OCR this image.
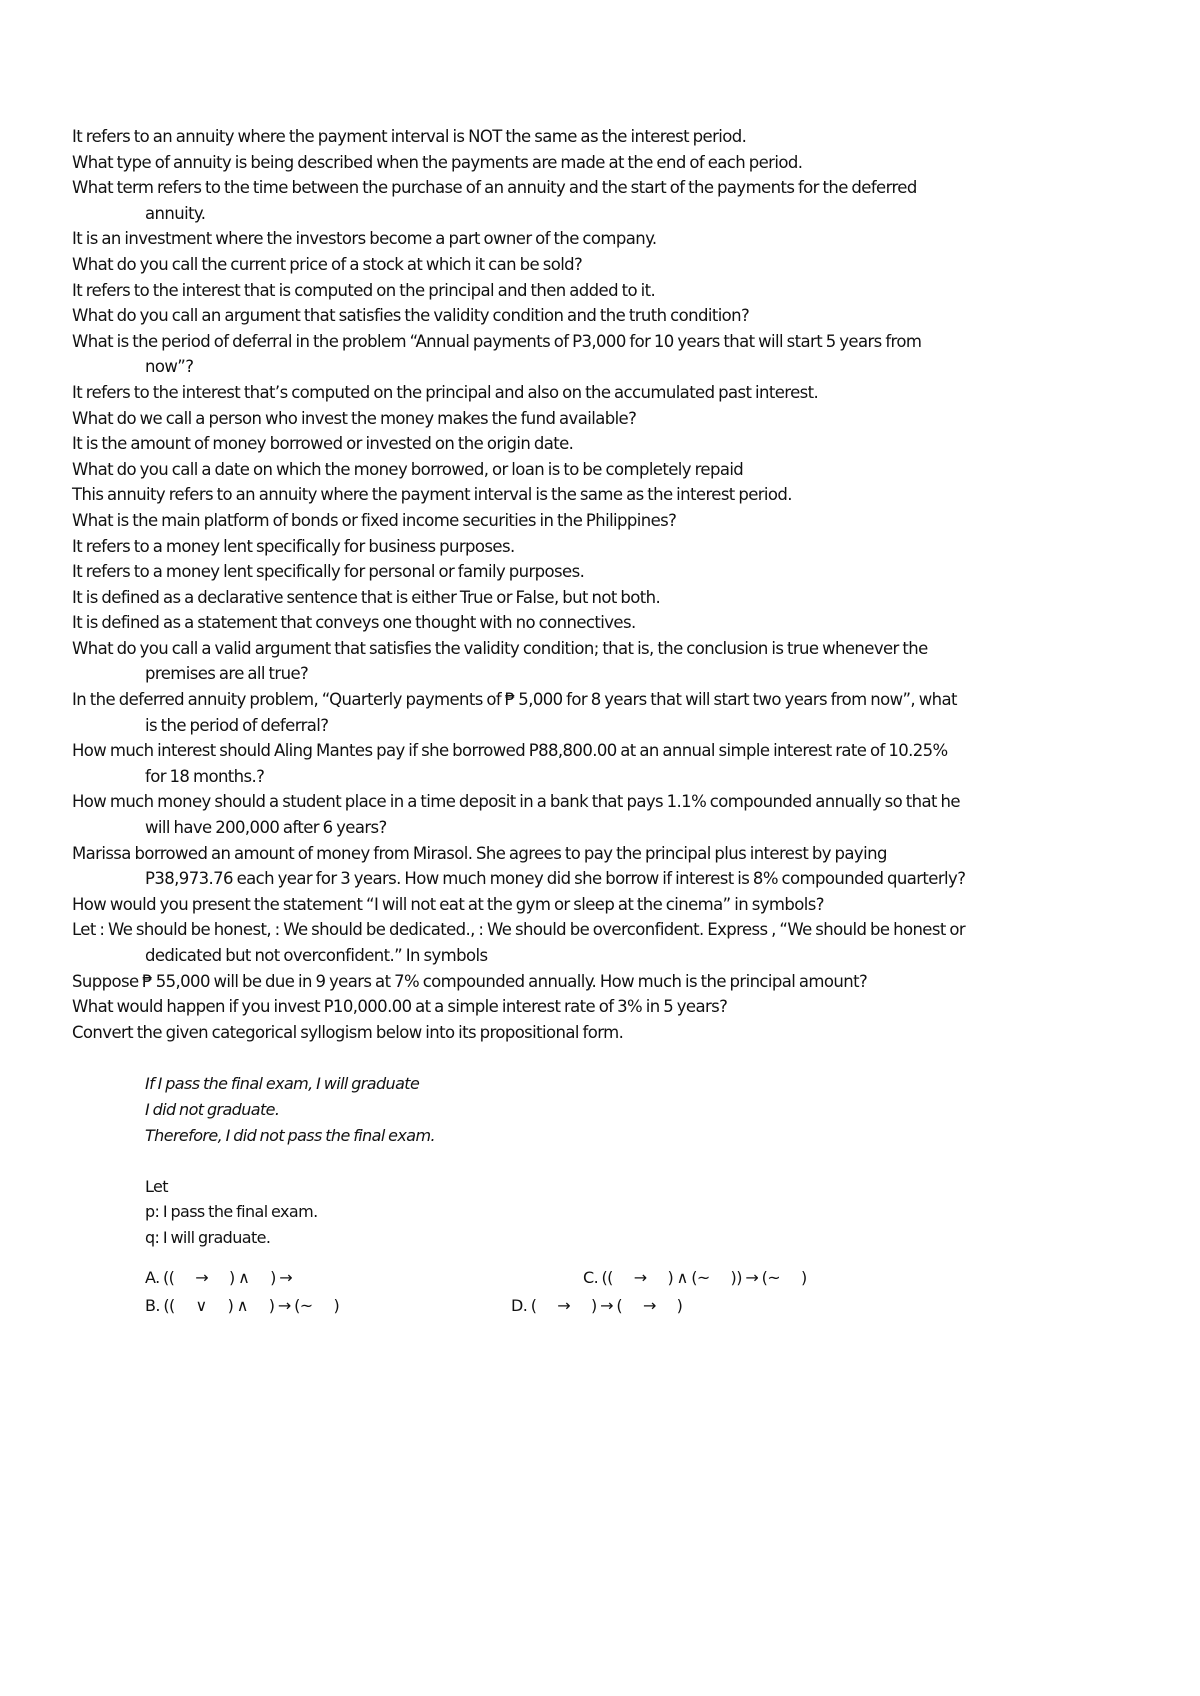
It refers to an annuity where the payment interval is NOT the same as the interest period.

What type of annuity is being described when the payments are made at the end of each period.

What term refers to the time between the purchase of an annuity and the start of the payments for the deferred annuity.

It is an investment where the investors become a part owner of the company.

What do you call the current price of a stock at which it can be sold?

It refers to the interest that is computed on the principal and then added to it.

What do you call an argument that satisfies the validity condition and the truth condition?

What is the period of deferral in the problem “Annual payments of P3,000 for 10 years that will start 5 years from now”?

It refers to the interest that’s computed on the principal and also on the accumulated past interest.

What do we call a person who invest the money makes the fund available?

It is the amount of money borrowed or invested on the origin date.

What do you call a date on which the money borrowed, or loan is to be completely repaid

This annuity refers to an annuity where the payment interval is the same as the interest period.

What is the main platform of bonds or fixed income securities in the Philippines?

It refers to a money lent specifically for business purposes.

It refers to a money lent specifically for personal or family purposes.

It is defined as a declarative sentence that is either True or False, but not both.

It is defined as a statement that conveys one thought with no connectives.

What do you call a valid argument that satisfies the validity condition; that is, the conclusion is true whenever the premises are all true?

In the deferred annuity problem, “Quarterly payments of ₱ 5,000 for 8 years that will start two years from now”, what is the period of deferral?

How much interest should Aling Mantes pay if she borrowed P88,800.00 at an annual simple interest rate of 10.25% for 18 months.?

How much money should a student place in a time deposit in a bank that pays 1.1% compounded annually so that he will have 200,000 after 6 years?

Marissa borrowed an amount of money from Mirasol. She agrees to pay the principal plus interest by paying P38,973.76 each year for 3 years. How much money did she borrow if interest is 8% compounded quarterly?

How would you present the statement “I will not eat at the gym or sleep at the cinema” in symbols?

Let : We should be honest, : We should be dedicated., : We should be overconfident. Express , “We should be honest or dedicated but not overconfident.” In symbols

Suppose ₱ 55,000 will be due in 9 years at 7% compounded annually. How much is the principal amount?

What would happen if you invest P10,000.00 at a simple interest rate of 3% in 5 years?

Convert the given categorical syllogism below into its propositional form.

If I pass the final exam, I will graduate
I did not graduate.
Therefore, I did not pass the final exam.
Let
p: I pass the final exam.
q: I will graduate.
A. ((      →      ) ∧      ) →
B. ((      ∨      ) ∧      ) → (~      )
C. ((      →      ) ∧ (~      )) → (~      )
D. (      →      ) → (      →      )
